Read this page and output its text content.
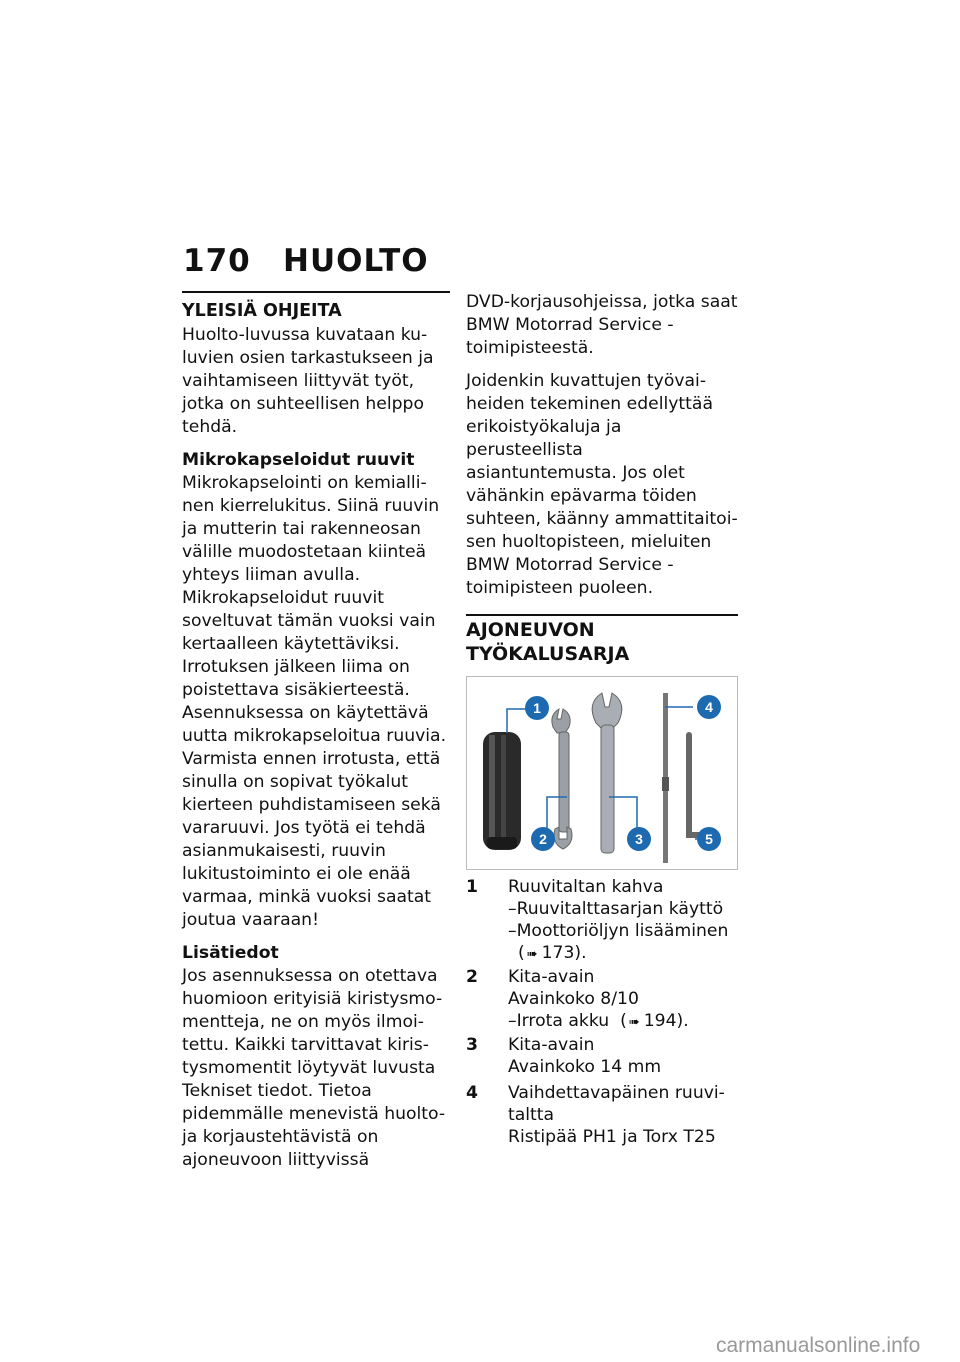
170 HUOLTO
YLEISIÄ OHJEITA

Huolto-luvussa kuvataan ku-luvien osien tarkastukseen ja vaihtamiseen liittyvät työt, jotka on suhteellisen helppo tehdä.

Mikrokapseloidut ruuvit

Mikrokapselointi on kemialli-nen kierrelukitus. Siinä ruuvin ja mutterin tai rakenneosan välille muodostetaan kiinteä yhteys liiman avulla. Mikrokapseloidut ruuvit soveltuvat tämän vuoksi vain kertaalleen käytettäviksi. Irrotuksen jälkeen liima on poistettava sisäkierteestä. Asennuksessa on käytettävä uutta mikrokapseloitua ruuvia. Varmista ennen irrotusta, että sinulla on sopivat työkalut kierteen puhdistamiseen sekä vararuuvi. Jos työtä ei tehdä asianmukaisesti, ruuvin lukitustoiminto ei ole enää varmaa, minkä vuoksi saatat joutua vaaraan!

Lisätiedot

Jos asennuksessa on otettava huomioon erityisiä kiristysmo-mentteja, ne on myös ilmoi-tettu. Kaikki tarvittavat kiris-tysmomentit löytyvät luvusta Tekniset tiedot. Tietoa pidemmälle menevistä huolto- ja korjaustehtävistä on ajoneuvoon liittyvissä

DVD-korjausohjeissa, jotka saat BMW Motorrad Service -toimipisteestä.

Joidenkin kuvattujen työvai-heiden tekeminen edellyttää erikoistyökaluja ja perusteellista asiantuntemusta. Jos olet vähänkin epävarma töiden suhteen, käänny ammattitaitoi-sen huoltopisteen, mieluiten BMW Motorrad Service -toimipisteen puoleen.

AJONEUVON TYÖKALUSARJA
1
2	3
4
5
1	Ruuvitaltan kahva
–Ruuvitalttasarjan käyttö
–Moottoriöljyn lisääminen
( ➠ 173).
2	Kita-avain
Avainkoko 8/10
–Irrota akku  ( ➠ 194).
3	Kita-avain
Avainkoko 14 mm
4	Vaihdettavapäinen ruuvi-taltta
Ristipää PH1 ja Torx T25
carmanualsonline.info
